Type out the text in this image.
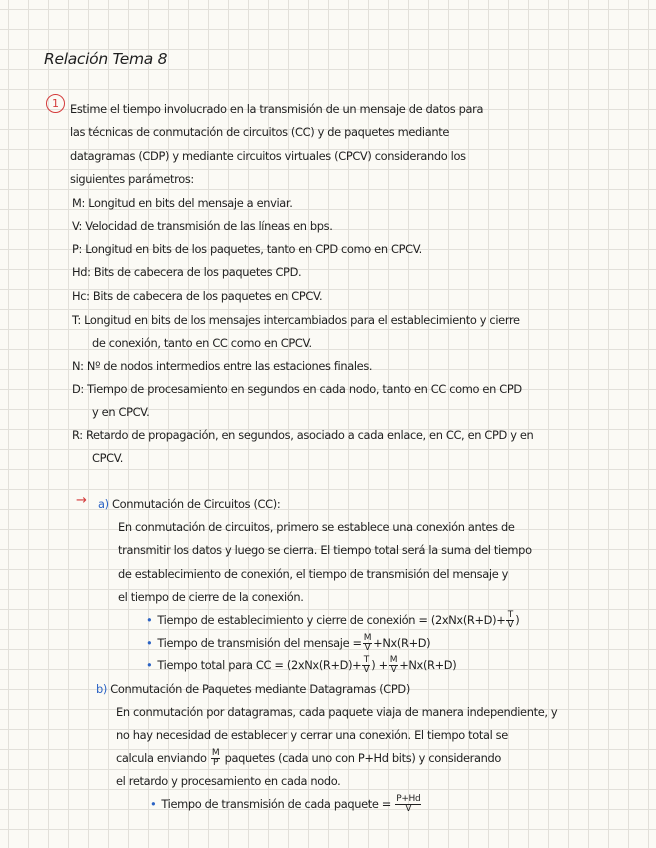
Relación Tema 8
1 Estime el tiempo involucrado en la transmisión de un mensaje de datos para
las técnicas de conmutación de circuitos (CC) y de paquetes mediante
datagramas (CDP) y mediante circuitos virtuales (CPCV) considerando los
siguientes parámetros:
M: Longitud en bits del mensaje a enviar.
V: Velocidad de transmisión de las líneas en bps.
P: Longitud en bits de los paquetes, tanto en CPD como en CPCV.
Hd: Bits de cabecera de los paquetes CPD.
Hc: Bits de cabecera de los paquetes en CPCV.
T: Longitud en bits de los mensajes intercambiados para el establecimiento y cierre
de conexión, tanto en CC como en CPCV.
N: Nº de nodos intermedios entre las estaciones finales.
D: Tiempo de procesamiento en segundos en cada nodo, tanto en CC como en CPD
y en CPCV.
R: Retardo de propagación, en segundos, asociado a cada enlace, en CC, en CPD y en
CPCV.
→ a) Conmutación de Circuitos (CC):
En conmutación de circuitos, primero se establece una conexión antes de
transmitir los datos y luego se cierra. El tiempo total será la suma del tiempo
de establecimiento de conexión, el tiempo de transmisión del mensaje y
el tiempo de cierre de la conexión.
• Tiempo de establecimiento y cierre de conexión = ($2xNx(R+D)+ \frac{T}{V}$ )
• Tiempo de transmisión del mensaje = $\frac{M}{V} +Nx(R+D)$
• Tiempo total para CC = ($2xNx(R+D)+ \frac{T}{V}$ ) + $\frac{M}{V} +Nx(R+D)$
b) Conmutación de Paquetes mediante Datagramas (CPD)
En conmutación por datagramas, cada paquete viaja de manera independiente, y
no hay necesidad de establecer y cerrar una conexión. El tiempo total se
calcula enviando $\frac{M}{P}$ paquetes (cada uno con P+Hd bits) y considerando
el retardo y procesamiento en cada nodo.
• Tiempo de transmisión de cada paquete = $\frac{P+Hd}{V}$
